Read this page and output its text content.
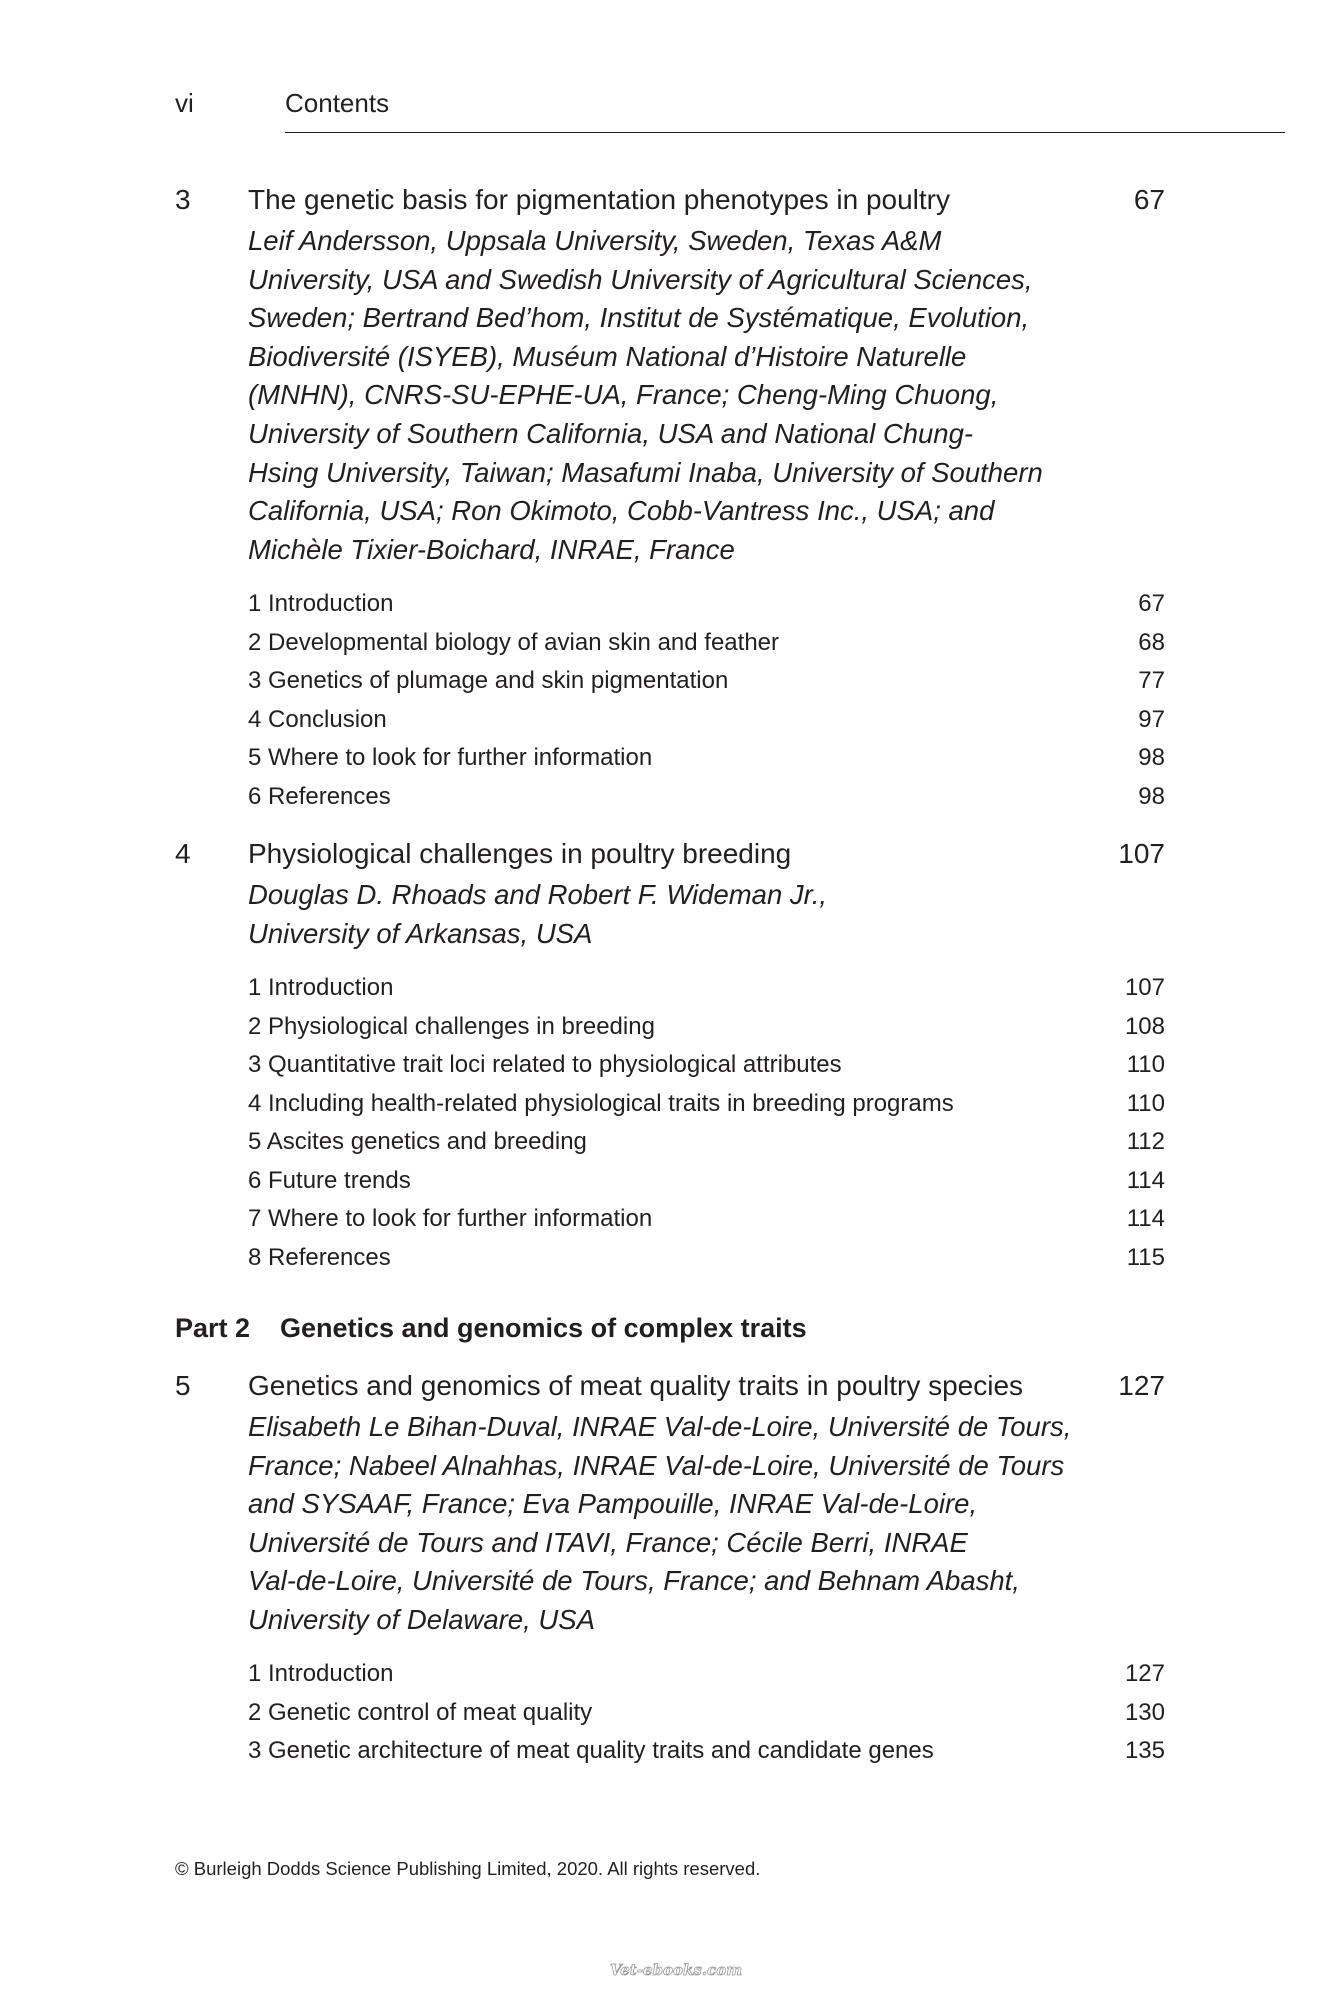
vi	Contents
3 The genetic basis for pigmentation phenotypes in poultry	67
Leif Andersson, Uppsala University, Sweden, Texas A&M
University, USA and Swedish University of Agricultural Sciences,
Sweden; Bertrand Bed’hom, Institut de Systématique, Evolution,
Biodiversité (ISYEB), Muséum National d’Histoire Naturelle
(MNHN), CNRS-SU-EPHE-UA, France; Cheng-Ming Chuong,
University of Southern California, USA and National Chung-
Hsing University, Taiwan; Masafumi Inaba, University of Southern
California, USA; Ron Okimoto, Cobb-Vantress Inc., USA; and
Michèle Tixier-Boichard, INRAE, France
1 Introduction	67
2 Developmental biology of avian skin and feather	68
3 Genetics of plumage and skin pigmentation	77
4 Conclusion	97
5 Where to look for further information	98
6 References	98
4 Physiological challenges in poultry breeding	107
Douglas D. Rhoads and Robert F. Wideman Jr.,
University of Arkansas, USA
1 Introduction	107
2 Physiological challenges in breeding	108
3 Quantitative trait loci related to physiological attributes	110
4 Including health-related physiological traits in breeding programs	110
5 Ascites genetics and breeding	112
6 Future trends	114
7 Where to look for further information	114
8 References	115
Part 2 Genetics and genomics of complex traits
5 Genetics and genomics of meat quality traits in poultry species	127
Elisabeth Le Bihan-Duval, INRAE Val-de-Loire, Université de Tours,
France; Nabeel Alnahhas, INRAE Val-de-Loire, Université de Tours
and SYSAAF, France; Eva Pampouille, INRAE Val-de-Loire,
Université de Tours and ITAVI, France; Cécile Berri, INRAE
Val-de-Loire, Université de Tours, France; and Behnam Abasht,
University of Delaware, USA
1 Introduction	127
2 Genetic control of meat quality	130
3 Genetic architecture of meat quality traits and candidate genes	135
© Burleigh Dodds Science Publishing Limited, 2020. All rights reserved.
Vet-ebooks.com
